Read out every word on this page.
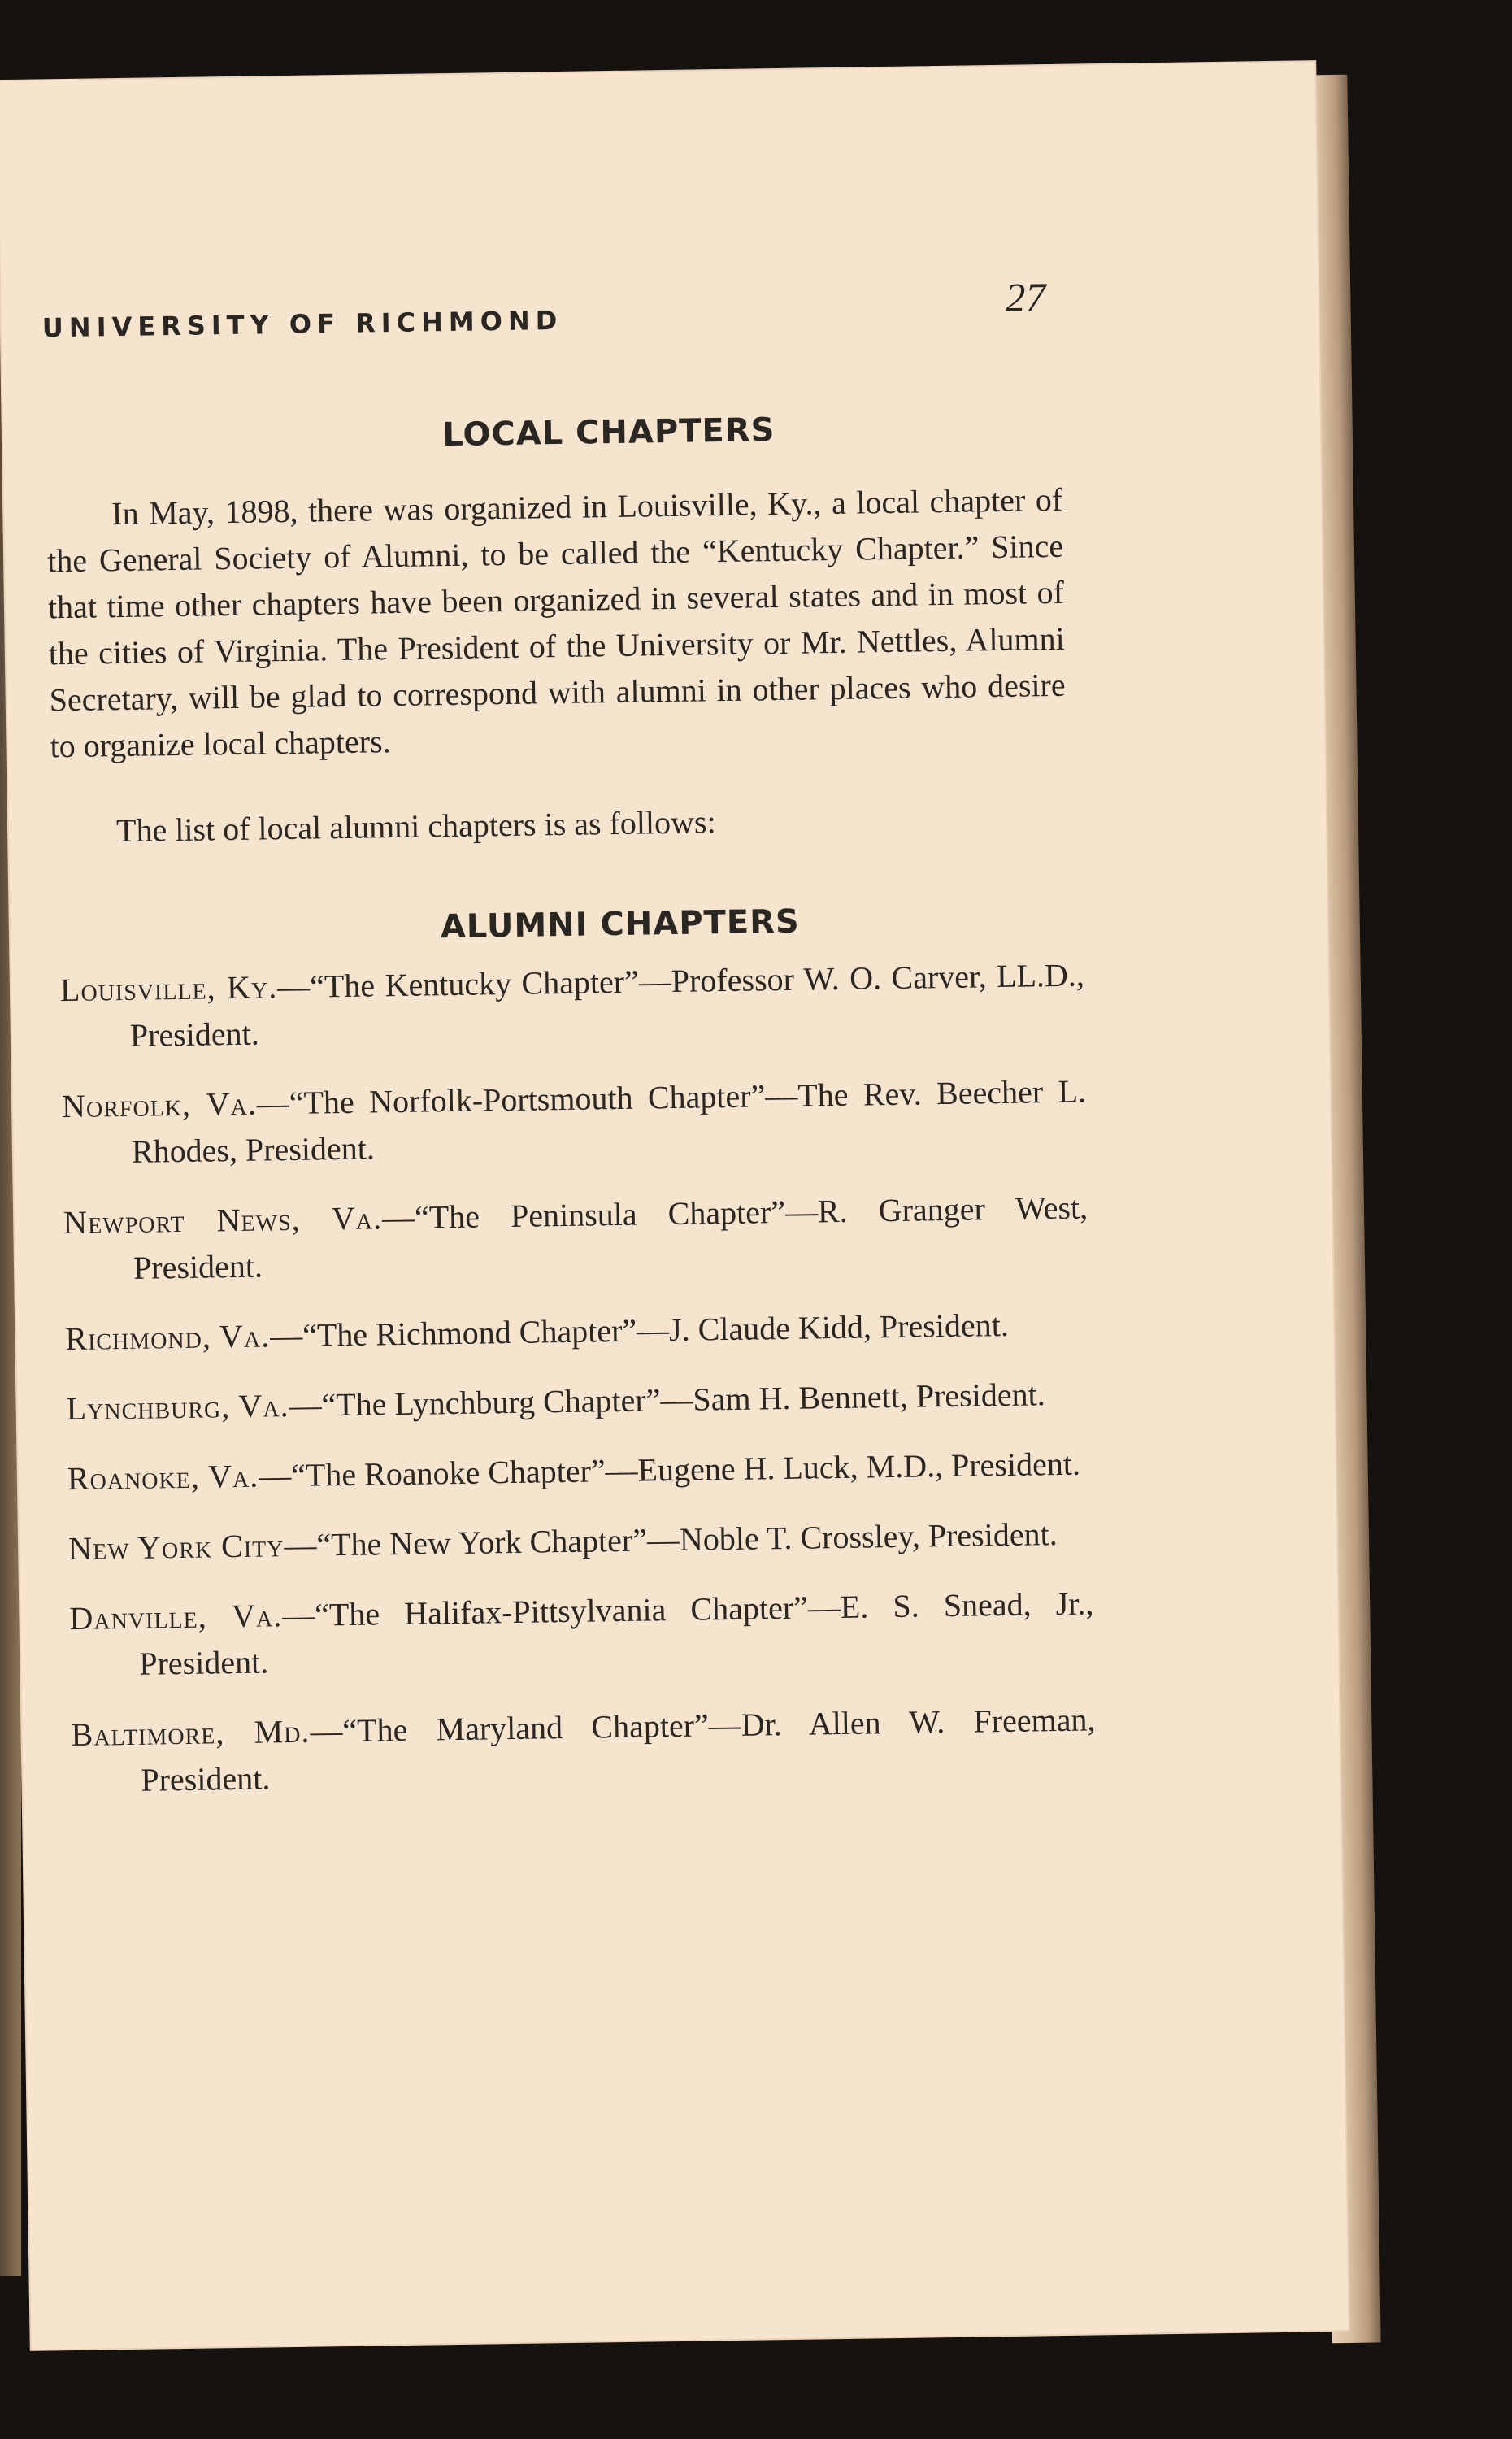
UNIVERSITY OF RICHMOND
27
LOCAL CHAPTERS

In May, 1898, there was organized in Louisville, Ky., a local chapter of the General Society of Alumni, to be called the “Kentucky Chapter.” Since that time other chapters have been organized in several states and in most of the cities of Virginia. The President of the University or Mr. Nettles, Alumni Secretary, will be glad to correspond with alumni in other places who desire to organize local chapters.

The list of local alumni chapters is as follows:

ALUMNI CHAPTERS
Louisville, Ky.—“The Kentucky Chapter”—Professor W. O. Carver, LL.D., President.
Norfolk, Va.—“The Norfolk-Portsmouth Chapter”—The Rev. Beecher L. Rhodes, President.
Newport News, Va.—“The Peninsula Chapter”—R. Granger West, President.
Richmond, Va.—“The Richmond Chapter”—J. Claude Kidd, President.
Lynchburg, Va.—“The Lynchburg Chapter”—Sam H. Bennett, President.
Roanoke, Va.—“The Roanoke Chapter”—Eugene H. Luck, M.D., President.
New York City—“The New York Chapter”—Noble T. Crossley, President.
Danville, Va.—“The Halifax-Pittsylvania Chapter”—E. S. Snead, Jr., President.
Baltimore, Md.—“The Maryland Chapter”—Dr. Allen W. Freeman, President.
